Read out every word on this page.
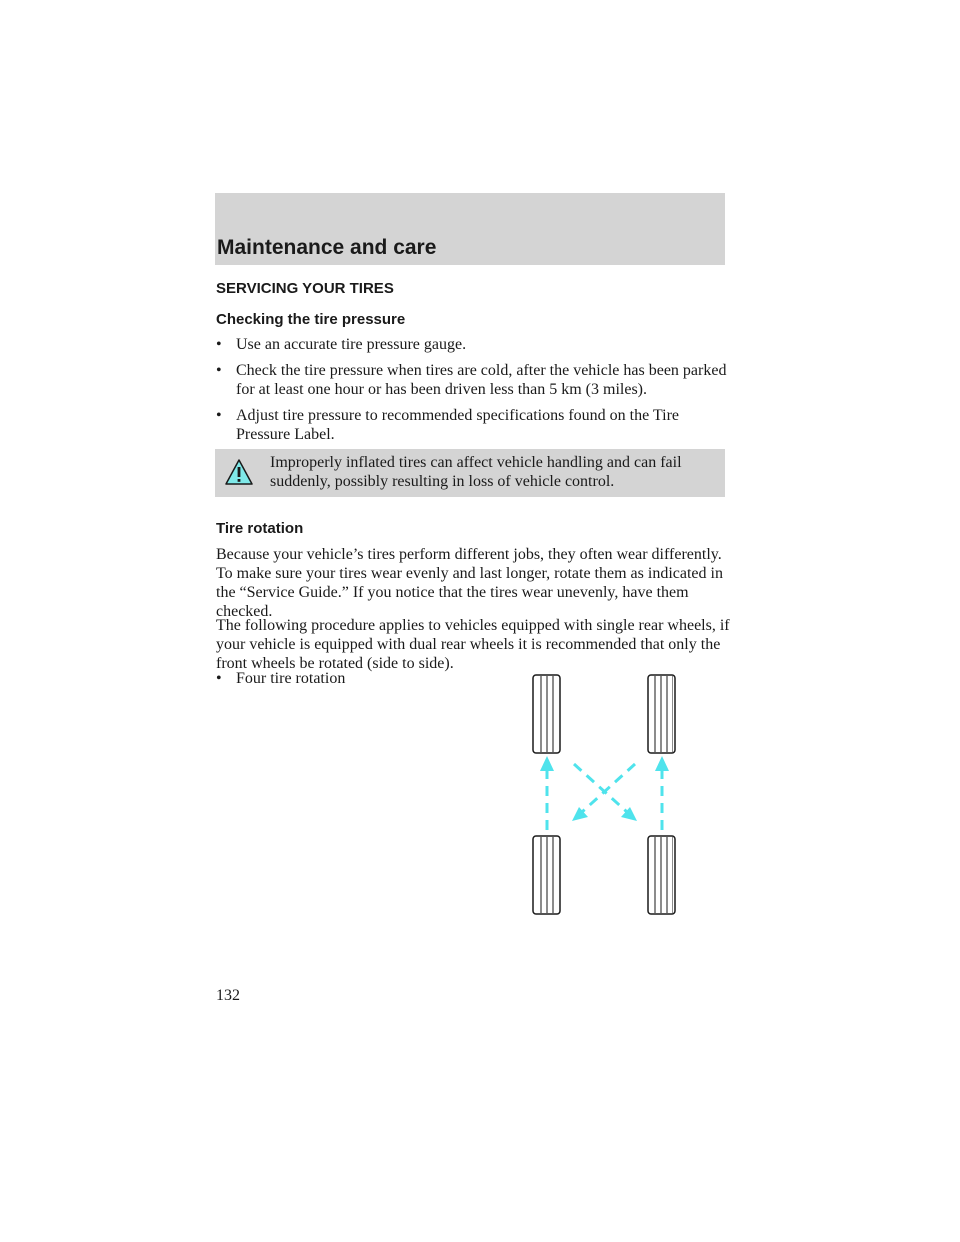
Maintenance and care
SERVICING YOUR TIRES
Checking the tire pressure
• Use an accurate tire pressure gauge.
• Check the tire pressure when tires are cold, after the vehicle has been parked for at least one hour or has been driven less than 5 km (3 miles).
• Adjust tire pressure to recommended specifications found on the Tire Pressure Label.
Improperly inflated tires can affect vehicle handling and can fail suddenly, possibly resulting in loss of vehicle control.
Tire rotation
Because your vehicle’s tires perform different jobs, they often wear differently. To make sure your tires wear evenly and last longer, rotate them as indicated in the “Service Guide.” If you notice that the tires wear unevenly, have them checked.
The following procedure applies to vehicles equipped with single rear wheels, if your vehicle is equipped with dual rear wheels it is recommended that only the front wheels be rotated (side to side).
• Four tire rotation
132
